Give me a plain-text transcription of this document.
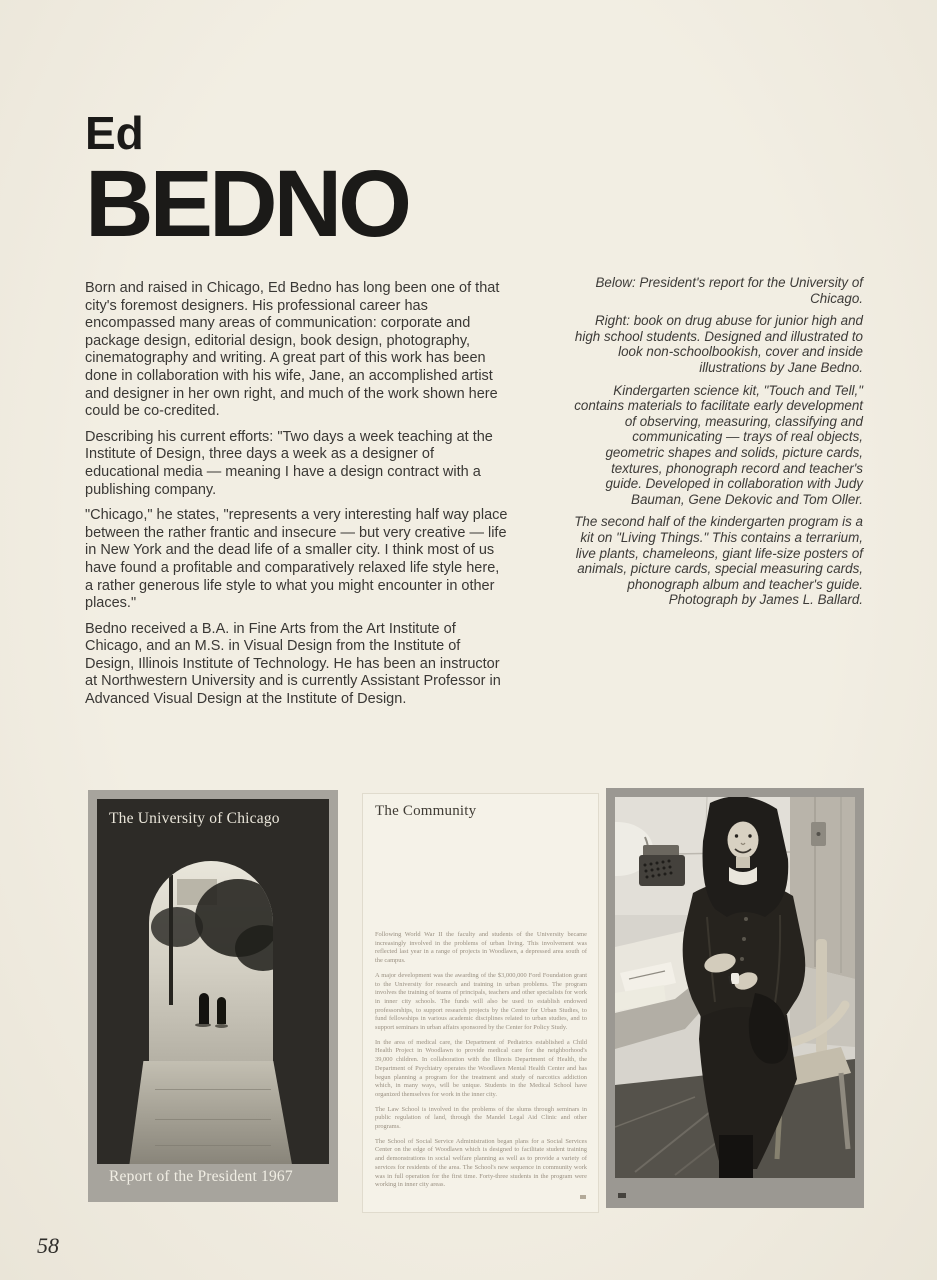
Ed
BEDNO

Born and raised in Chicago, Ed Bedno has long been one of that city's foremost designers. His professional career has encompassed many areas of communication: corporate and package design, editorial design, book design, photography, cinematography and writing. A great part of this work has been done in collaboration with his wife, Jane, an accomplished artist and designer in her own right, and much of the work shown here could be co-credited.

Describing his current efforts: "Two days a week teaching at the Institute of Design, three days a week as a designer of educational media — meaning I have a design contract with a publishing company.

"Chicago," he states, "represents a very interesting half way place between the rather frantic and insecure — but very creative — life in New York and the dead life of a smaller city. I think most of us have found a profitable and comparatively relaxed life style here, a rather generous life style to what you might encounter in other places."

Bedno received a B.A. in Fine Arts from the Art Institute of Chicago, and an M.S. in Visual Design from the Institute of Design, Illinois Institute of Technology. He has been an instructor at Northwestern University and is currently Assistant Professor in Advanced Visual Design at the Institute of Design.

Below: President's report for the University of Chicago.

Right: book on drug abuse for junior high and high school students. Designed and illustrated to look non-schoolbookish, cover and inside illustrations by Jane Bedno.

Kindergarten science kit, "Touch and Tell," contains materials to facilitate early development of observing, measuring, classifying and communicating — trays of real objects, geometric shapes and solids, picture cards, textures, phonograph record and teacher's guide. Developed in collaboration with Judy Bauman, Gene Dekovic and Tom Oller.

The second half of the kindergarten program is a kit on "Living Things." This contains a terrarium, live plants, chameleons, giant life-size posters of animals, picture cards, special measuring cards, phonograph album and teacher's guide. Photograph by James L. Ballard.

The University of Chicago
Report of the President 1967
The Community

Following World War II the faculty and students of the University became increasingly involved in the problems of urban living. This involvement was reflected last year in a range of projects in Woodlawn, a depressed area south of the campus.

A major development was the awarding of the $3,000,000 Ford Foundation grant to the University for research and training in urban problems. The program involves the training of teams of principals, teachers and other specialists for work in inner city schools. The funds will also be used to establish endowed professorships, to support research projects by the Center for Urban Studies, to fund fellowships in various academic disciplines related to urban studies, and to support seminars in urban affairs sponsored by the Center for Policy Study.

In the area of medical care, the Department of Pediatrics established a Child Health Project in Woodlawn to provide medical care for the neighborhood's 39,000 children. In collaboration with the Illinois Department of Health, the Department of Psychiatry operates the Woodlawn Mental Health Center and has begun planning a program for the treatment and study of narcotics addiction which, in many ways, will be unique. Students in the Medical School have organized themselves for work in the inner city.

The Law School is involved in the problems of the slums through seminars in public regulation of land, through the Mandel Legal Aid Clinic and other programs.

The School of Social Service Administration began plans for a Social Services Center on the edge of Woodlawn which is designed to facilitate student training and demonstrations in social welfare planning as well as to provide a variety of services for residents of the area. The School's new sequence in community work was in full operation for the first time. Forty-three students in the program were working in inner city areas.

58
